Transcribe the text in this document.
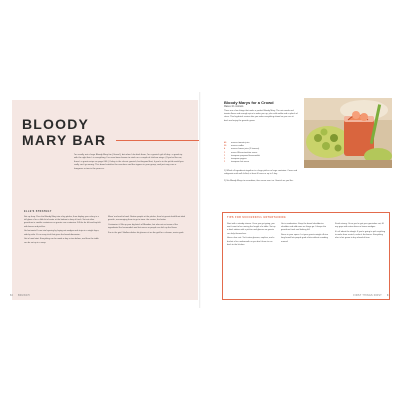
BLOODY
MARY BAR

I'm usually not a huge Bloody Mary fan (I know!), but when I do drink them, I'm a garnish girl all day—a good sip with the right fixin's is everything. I've even been known to stack on a couple of chicken wings. (If you're like me, there's a great recipe on page 000.) Celery is the classic garnish, but beyond that, if you're in the pickle world you really can't go wrong. This board satisfies the snackers and the sippers in your group, and just may cure a hangover or two in the process.

ELLE'S STRATEGY

Set up shop. Pour the Bloody Mary into a big pitcher, then display your celery in a tall glass of ice a little bit of water at the bottom to keep it fresh. Set out other garnishes in smaller containers so guests can customize. Fill the far left and top-left with bacon and pickles.

Go horizontal. Lean into layering by laying out wedges and strips in a single layer, side by side. It's an easy trick that gives the board dimension.

Get a head start. Everything can be made a day or two before, and then the table can be set up in a snap.

Move 'em bowl to bowl. Station people at the pitcher, then let guests build their ideal garnish, encouraging them to go to town: the crazier, the better.

Customize it. Mix up your big batch of Bloodies, but also set out some of the ingredients like horseradish and hot sauce so people can kick up the flavor.

Fun in the grid. Shallow dishes let glasses sit on the grid for a cleaner, easier grab.

60 BRUNCH
Bloody Marys for a Crowd

Makes 10 cocktails

There are a few things that make a perfect Bloody Mary. The mix needs real tomato flavor and enough spice to wake you up, plus cold vodka and a splash of citrus. This big-batch version lets you make everything ahead so you can sit back and enjoy the garnish game.

40 ounces tomato juice
20 ounces vodka
4	ounces lemon juice (5 lemons)
1	ounce Worcestershire sauce
1	teaspoon prepared horseradish
1	teaspoon pepper
1	teaspoon hot sauce

1) Whisk all ingredients together in a large pitcher or large container. Cover and refrigerate until well chilled, at least 4 hours or up to 1 day.

2) Stir Bloody Marys to recombine, then serve over ice. Garnish as you like.

TIPS FOR SUCCESSFUL ENTERTAINING

Start with a steady stream. Once you get going, you won't want to be running the length of a table. Set up a drink station with a pitcher and glasses so guests can help themselves.

Have a bar cart. Tuck extra glasses, napkins, and a bucket of ice underneath so you don't have to run back to the kitchen.

Go in moderation. Keep the board shoulder-to-shoulder and add more as things go. It keeps the garnishes fresh and looking full.

Serve in your space. Let your guests mingle. A nice long board lets people grab a bite without crowding around.

Finish strong. Once you've got your garnishes set, fill any gaps with extra olives or lemon wedges.

It's all about the dough. If you're going to pick anything to make from scratch, make it the bacon. Everything else is fair game to buy ahead of time.

FIRST THINGS FIRST 61
